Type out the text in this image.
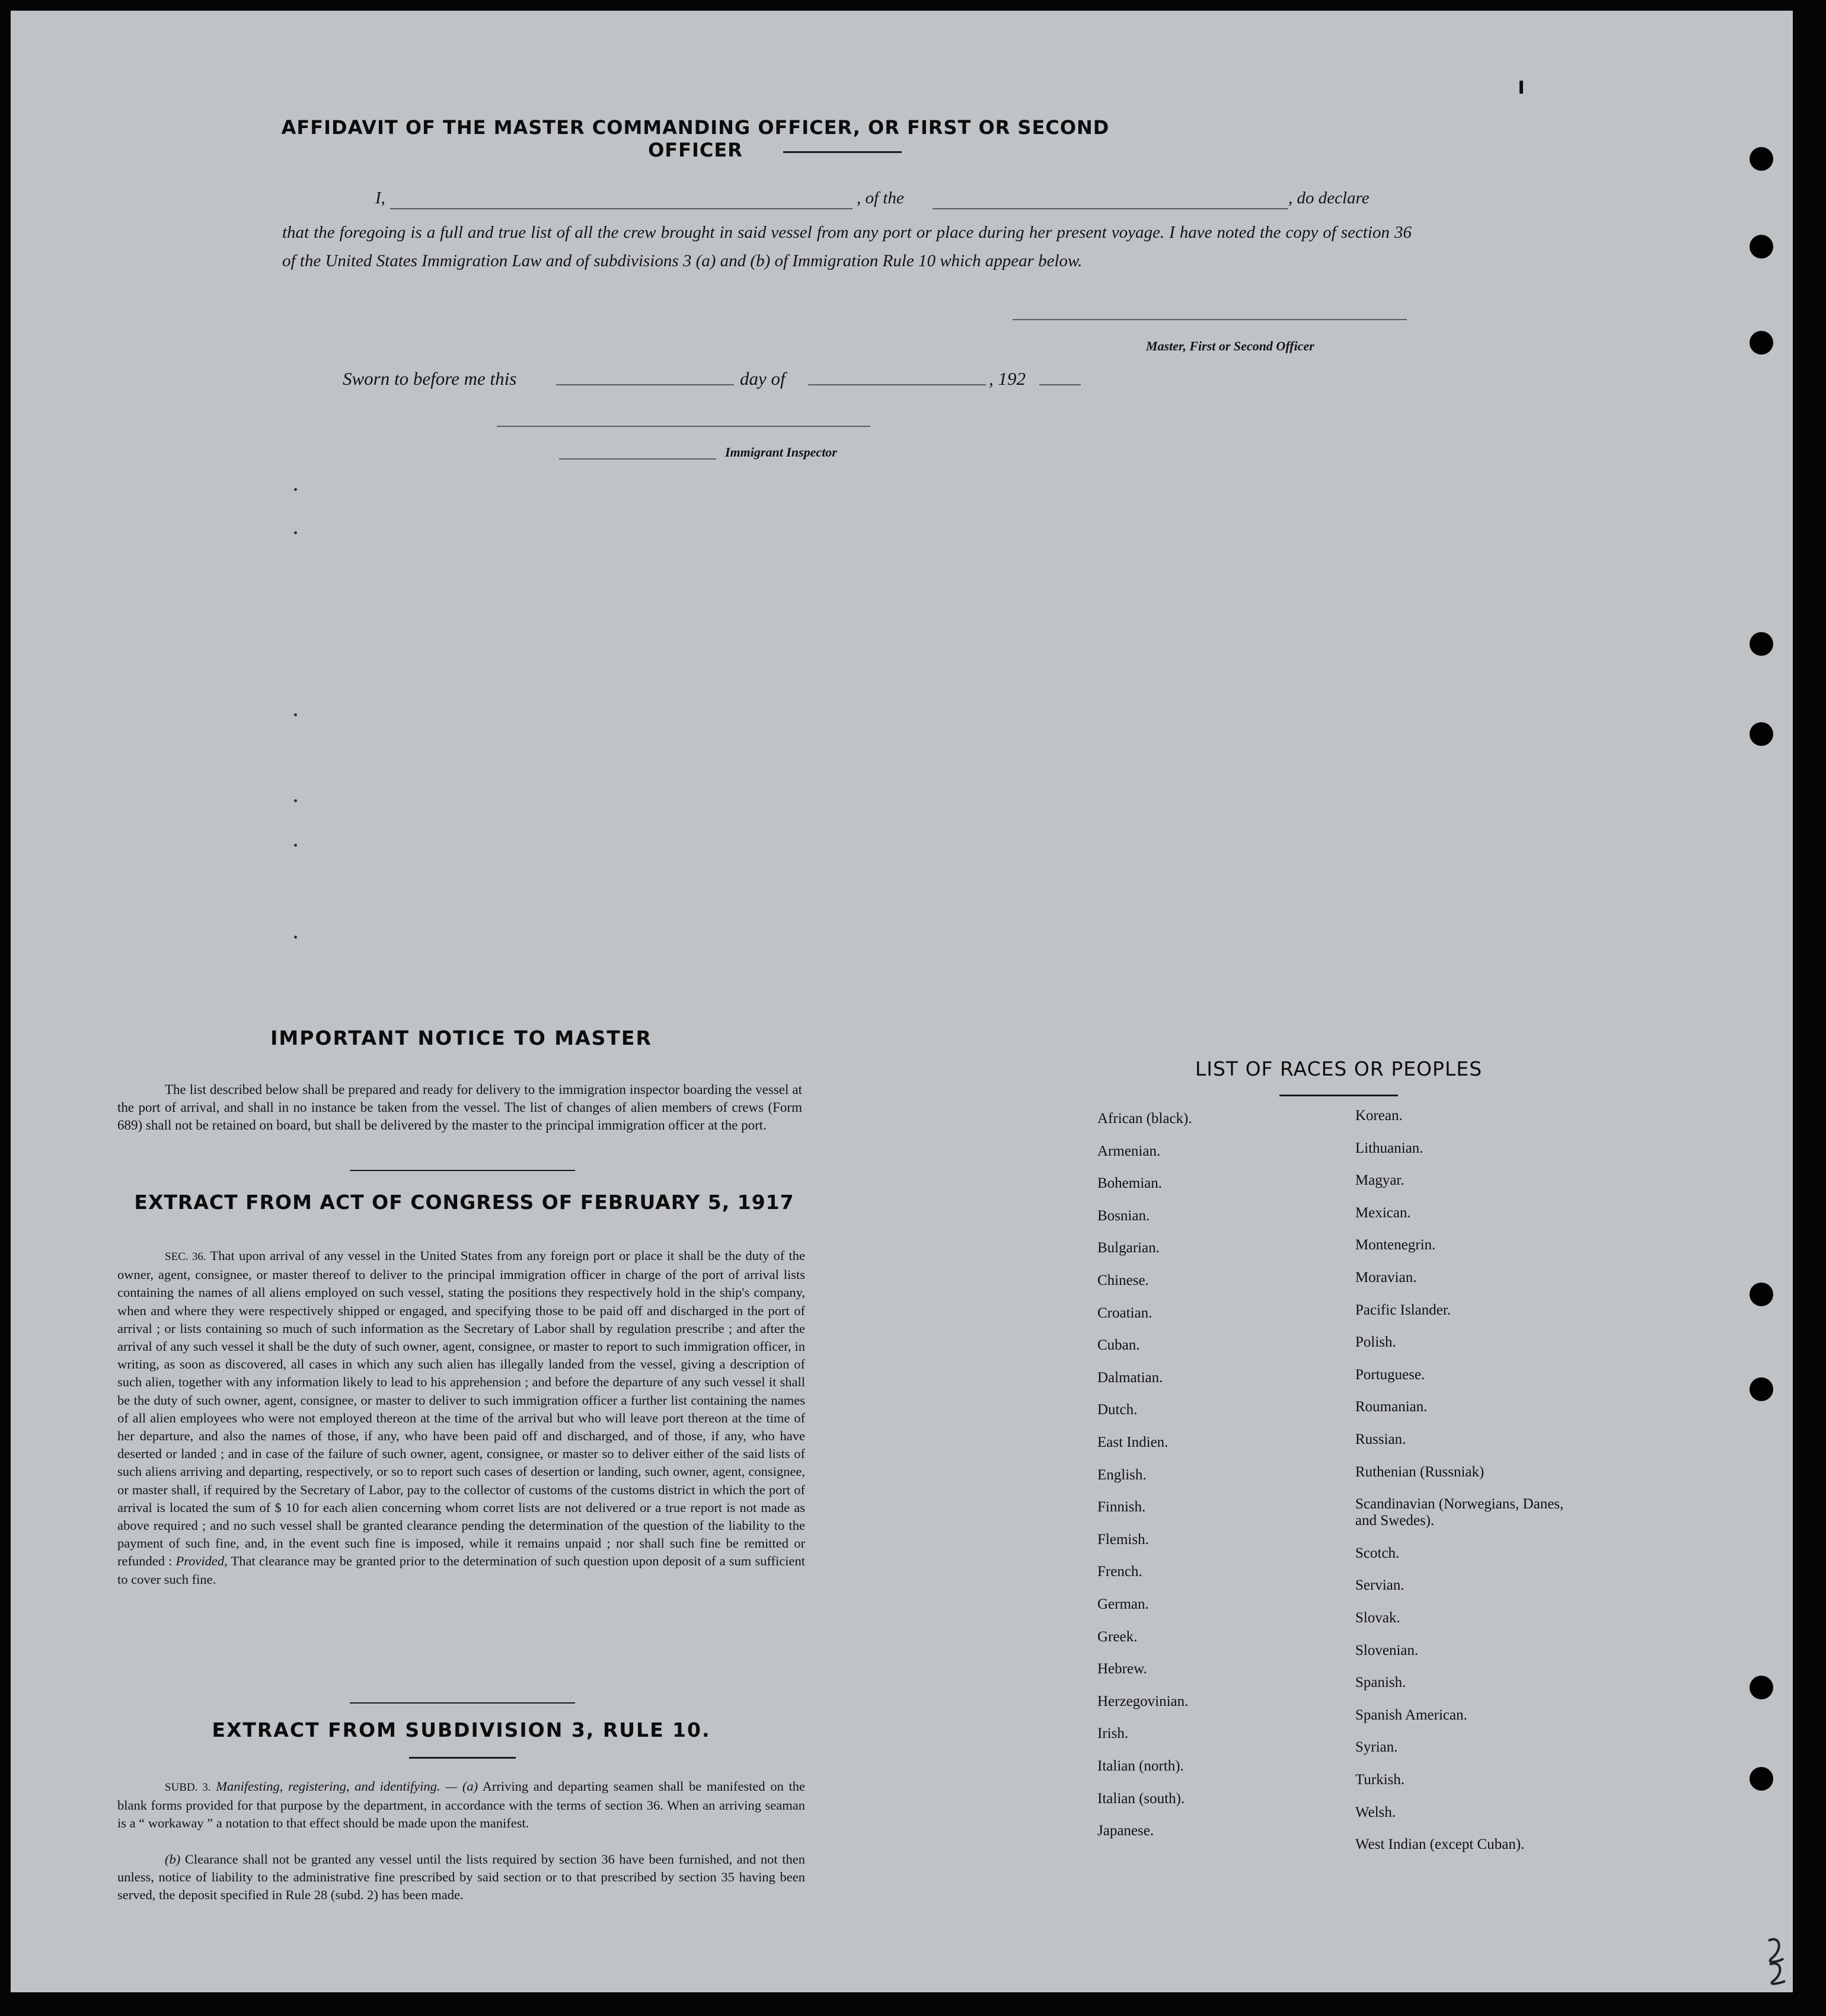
AFFIDAVIT OF THE MASTER COMMANDING OFFICER, OR FIRST OR SECOND OFFICER
I,	, of the	, do declare
that the foregoing is a full and true list of all the crew brought in said vessel from any port or place during her present voyage. I have noted the copy of section 36 of the United States Immigration Law and of subdivisions 3 (a) and (b) of Immigration Rule 10 which appear below.
Master, First or Second Officer
Sworn to before me this	day of	, 192
Immigrant Inspector
IMPORTANT NOTICE TO MASTER
The list described below shall be prepared and ready for delivery to the immigration inspector boarding the vessel at the port of arrival, and shall in no instance be taken from the vessel. The list of changes of alien members of crews (Form 689) shall not be retained on board, but shall be delivered by the master to the principal immigration officer at the port.
EXTRACT FROM ACT OF CONGRESS OF FEBRUARY 5, 1917
SEC. 36. That upon arrival of any vessel in the United States from any foreign port or place it shall be the duty of the owner, agent, consignee, or master thereof to deliver to the principal immigration officer in charge of the port of arrival lists containing the names of all aliens employed on such vessel, stating the positions they respectively hold in the ship's company, when and where they were respectively shipped or engaged, and specifying those to be paid off and discharged in the port of arrival ; or lists containing so much of such information as the Secretary of Labor shall by regulation prescribe ; and after the arrival of any such vessel it shall be the duty of such owner, agent, consignee, or master to report to such immigration officer, in writing, as soon as discovered, all cases in which any such alien has illegally landed from the vessel, giving a description of such alien, together with any information likely to lead to his apprehension ; and before the departure of any such vessel it shall be the duty of such owner, agent, consignee, or master to deliver to such immigration officer a further list containing the names of all alien employees who were not employed thereon at the time of the arrival but who will leave port thereon at the time of her departure, and also the names of those, if any, who have been paid off and discharged, and of those, if any, who have deserted or landed ; and in case of the failure of such owner, agent, consignee, or master so to deliver either of the said lists of such aliens arriving and departing, respectively, or so to report such cases of desertion or landing, such owner, agent, consignee, or master shall, if required by the Secretary of Labor, pay to the collector of customs of the customs district in which the port of arrival is located the sum of $ 10 for each alien concerning whom corret lists are not delivered or a true report is not made as above required ; and no such vessel shall be granted clearance pending the determination of the question of the liability to the payment of such fine, and, in the event such fine is imposed, while it remains unpaid ; nor shall such fine be remitted or refunded : Provided, That clearance may be granted prior to the determination of such question upon deposit of a sum sufficient to cover such fine.
EXTRACT FROM SUBDIVISION 3, RULE 10.
SUBD. 3. Manifesting, registering, and identifying. — (a) Arriving and departing seamen shall be manifested on the blank forms provided for that purpose by the department, in accordance with the terms of section 36. When an arriving seaman is a “ workaway ” a notation to that effect should be made upon the manifest.
(b) Clearance shall not be granted any vessel until the lists required by section 36 have been furnished, and not then unless, notice of liability to the administrative fine prescribed by said section or to that prescribed by section 35 having been served, the deposit specified in Rule 28 (subd. 2) has been made.
LIST OF RACES OR PEOPLES
African (black).
Armenian.
Bohemian.
Bosnian.
Bulgarian.
Chinese.
Croatian.
Cuban.
Dalmatian.
Dutch.
East Indien.
English.
Finnish.
Flemish.
French.
German.
Greek.
Hebrew.
Herzegovinian.
Irish.
Italian (north).
Italian (south).
Japanese.
Korean.
Lithuanian.
Magyar.
Mexican.
Montenegrin.
Moravian.
Pacific Islander.
Polish.
Portuguese.
Roumanian.
Russian.
Ruthenian (Russniak)
Scandinavian (Norwegians, Danes, and Swedes).
Scotch.
Servian.
Slovak.
Slovenian.
Spanish.
Spanish American.
Syrian.
Turkish.
Welsh.
West Indian (except Cuban).
